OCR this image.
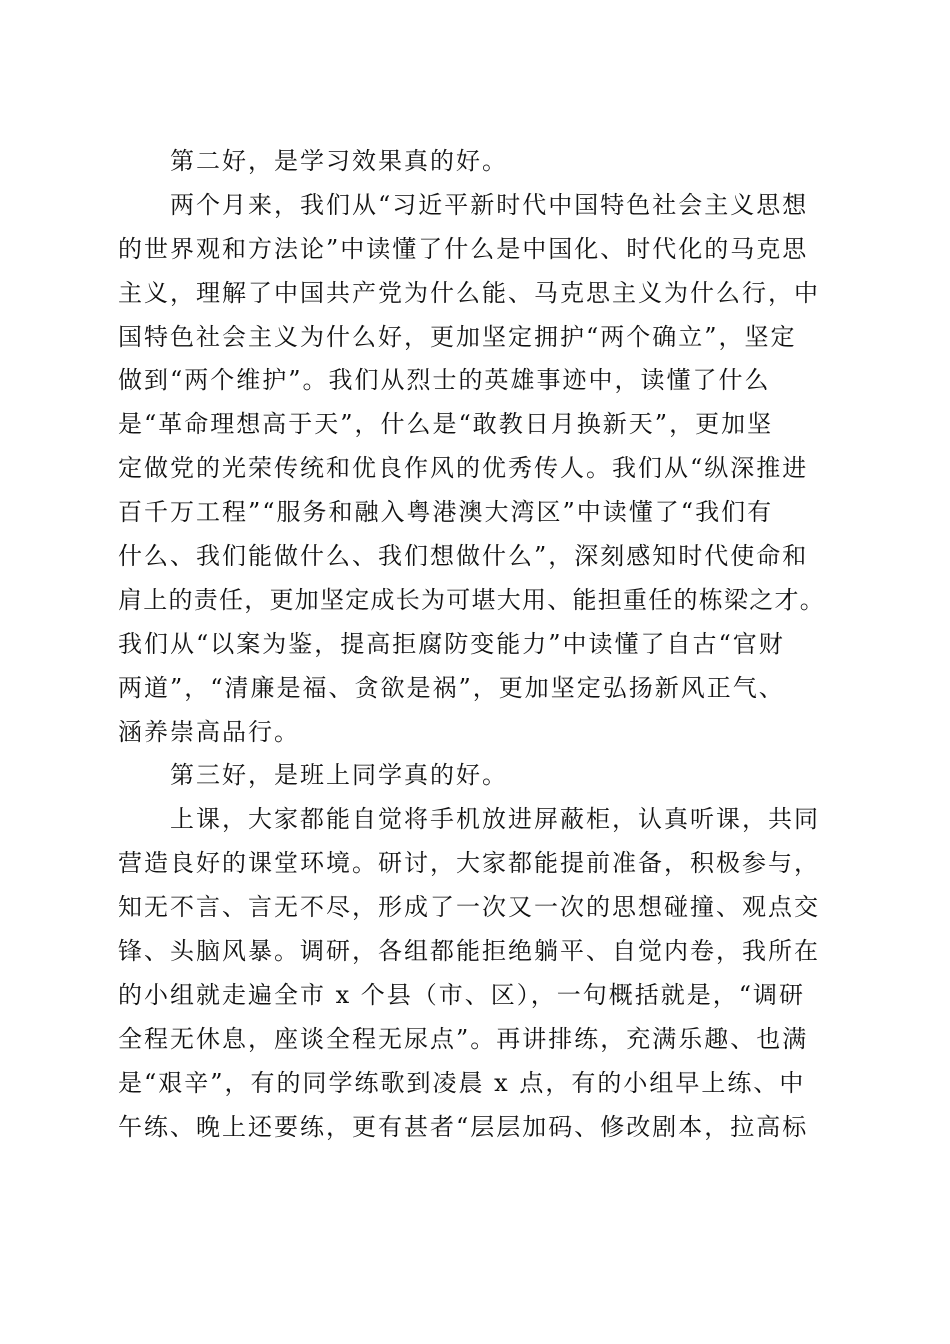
第二好，是学习效果真的好。
两个月来，我们从“习近平新时代中国特色社会主义思想
的世界观和方法论”中读懂了什么是中国化、时代化的马克思
主义，理解了中国共产党为什么能、马克思主义为什么行，中
国特色社会主义为什么好，更加坚定拥护“两个确立”，坚定
做到“两个维护”。我们从烈士的英雄事迹中，读懂了什么
是“革命理想高于天”，什么是“敢教日月换新天”，更加坚
定做党的光荣传统和优良作风的优秀传人。我们从“纵深推进
百千万工程”“服务和融入粤港澳大湾区”中读懂了“我们有
什么、我们能做什么、我们想做什么”，深刻感知时代使命和
肩上的责任，更加坚定成长为可堪大用、能担重任的栋梁之才。
我们从“以案为鉴，提高拒腐防变能力”中读懂了自古“官财
两道”，“清廉是福、贪欲是祸”，更加坚定弘扬新风正气、
涵养崇高品行。
第三好，是班上同学真的好。
上课，大家都能自觉将手机放进屏蔽柜，认真听课，共同
营造良好的课堂环境。研讨，大家都能提前准备，积极参与，
知无不言、言无不尽，形成了一次又一次的思想碰撞、观点交
锋、头脑风暴。调研，各组都能拒绝躺平、自觉内卷，我所在
的小组就走遍全市 x 个县（市、区），一句概括就是，“调研
全程无休息，座谈全程无尿点”。再讲排练，充满乐趣、也满
是“艰辛”，有的同学练歌到凌晨 x 点，有的小组早上练、中
午练、晚上还要练，更有甚者“层层加码、修改剧本，拉高标
